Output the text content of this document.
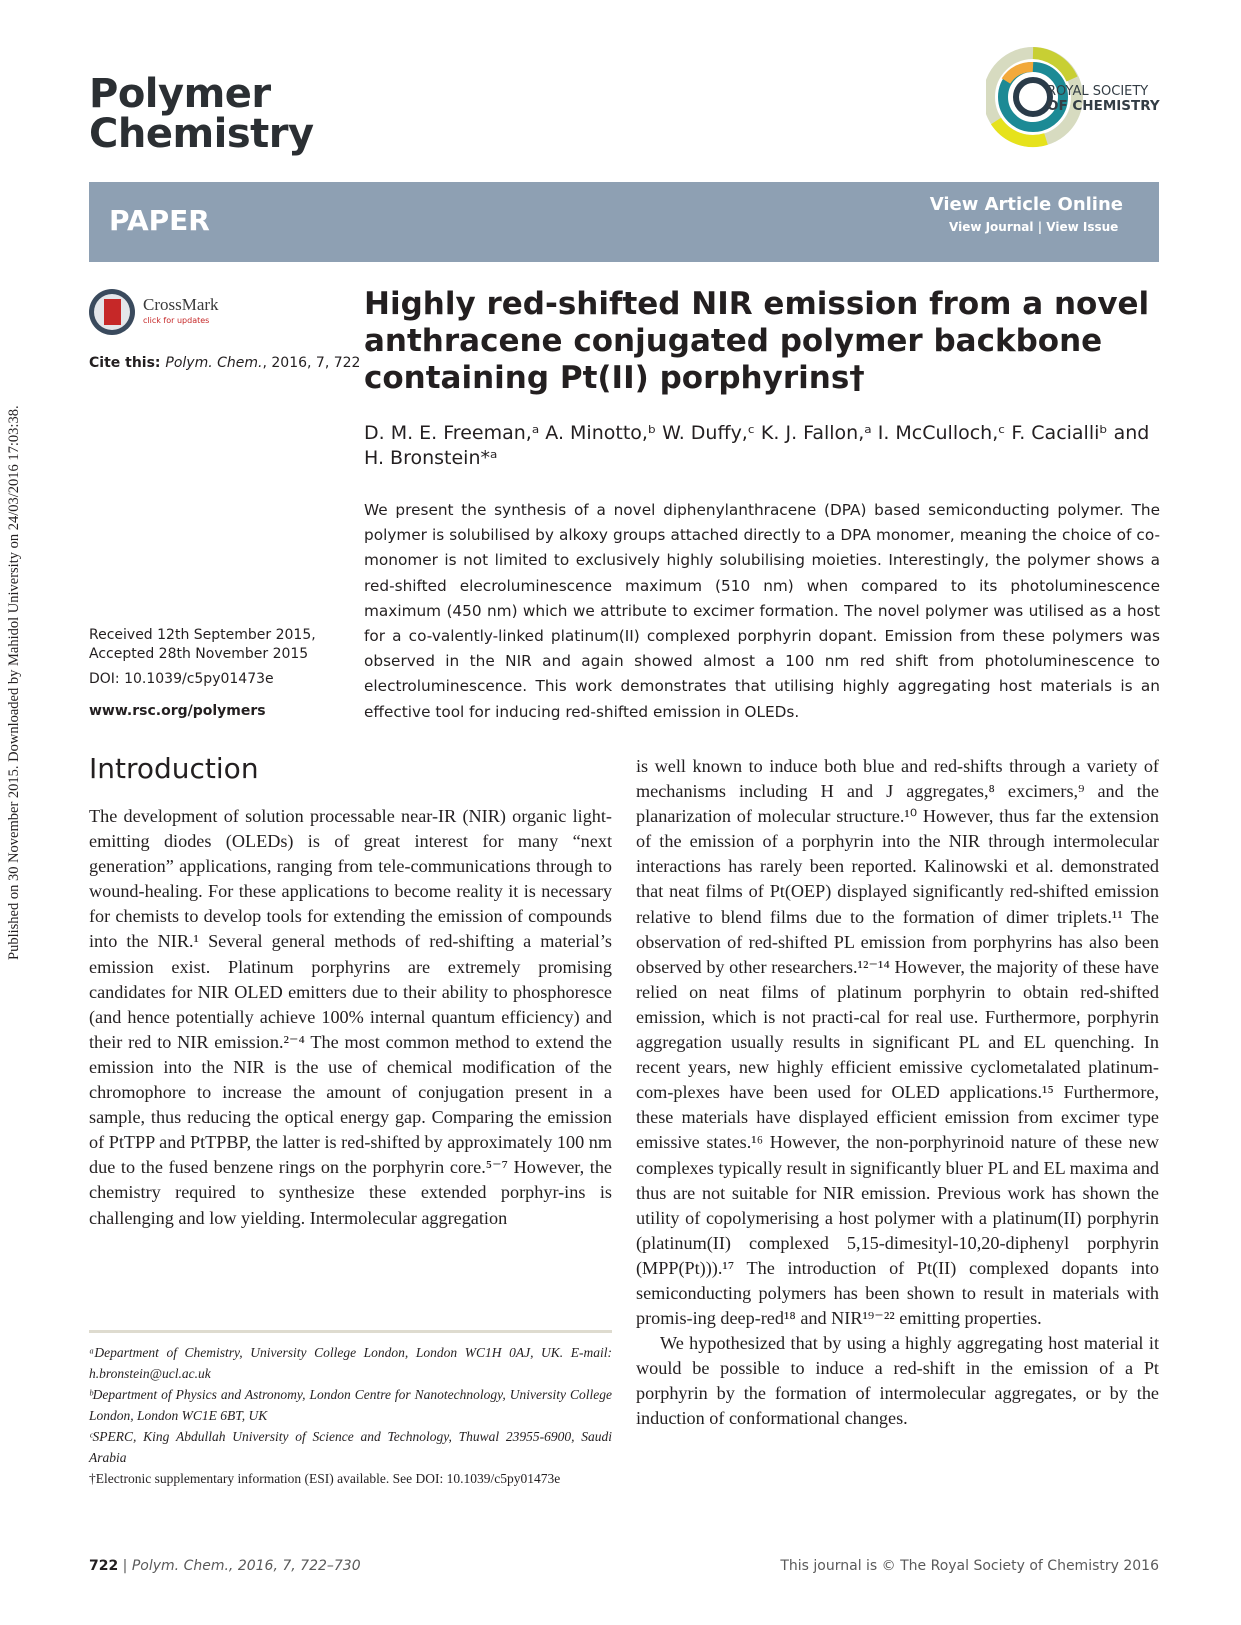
Published on 30 November 2015. Downloaded by Mahidol University on 24/03/2016 17:03:38.
Polymer
Chemistry
ROYAL SOCIETY
OF CHEMISTRY
PAPER	View Article Online
View Journal | View Issue
CrossMark
click for updates
Cite this: Polym. Chem., 2016, 7, 722
Highly red-shifted NIR emission from a novel anthracene conjugated polymer backbone containing Pt(II) porphyrins†
D. M. E. Freeman,ᵃ A. Minotto,ᵇ W. Duffy,ᶜ K. J. Fallon,ᵃ I. McCulloch,ᶜ F. Cacialliᵇ and H. Bronstein*ᵃ
We present the synthesis of a novel diphenylanthracene (DPA) based semiconducting polymer. The polymer is solubilised by alkoxy groups attached directly to a DPA monomer, meaning the choice of co-monomer is not limited to exclusively highly solubilising moieties. Interestingly, the polymer shows a red-shifted elecroluminescence maximum (510 nm) when compared to its photoluminescence maximum (450 nm) which we attribute to excimer formation. The novel polymer was utilised as a host for a co-valently-linked platinum(II) complexed porphyrin dopant. Emission from these polymers was observed in the NIR and again showed almost a 100 nm red shift from photoluminescence to electroluminescence. This work demonstrates that utilising highly aggregating host materials is an effective tool for inducing red-shifted emission in OLEDs.
Received 12th September 2015,
Accepted 28th November 2015
DOI: 10.1039/c5py01473e
www.rsc.org/polymers
Introduction

The development of solution processable near-IR (NIR) organic light-emitting diodes (OLEDs) is of great interest for many “next generation” applications, ranging from tele-communications through to wound-healing. For these applications to become reality it is necessary for chemists to develop tools for extending the emission of compounds into the NIR.¹ Several general methods of red-shifting a material’s emission exist. Platinum porphyrins are extremely promising candidates for NIR OLED emitters due to their ability to phosphoresce (and hence potentially achieve 100% internal quantum efficiency) and their red to NIR emission.²⁻⁴ The most common method to extend the emission into the NIR is the use of chemical modification of the chromophore to increase the amount of conjugation present in a sample, thus reducing the optical energy gap. Comparing the emission of PtTPP and PtTPBP, the latter is red-shifted by approximately 100 nm due to the fused benzene rings on the porphyrin core.⁵⁻⁷ However, the chemistry required to synthesize these extended porphyr-ins is challenging and low yielding. Intermolecular aggregation

is well known to induce both blue and red-shifts through a variety of mechanisms including H and J aggregates,⁸ excimers,⁹ and the planarization of molecular structure.¹⁰ However, thus far the extension of the emission of a porphyrin into the NIR through intermolecular interactions has rarely been reported. Kalinowski et al. demonstrated that neat films of Pt(OEP) displayed significantly red-shifted emission relative to blend films due to the formation of dimer triplets.¹¹ The observation of red-shifted PL emission from porphyrins has also been observed by other researchers.¹²⁻¹⁴ However, the majority of these have relied on neat films of platinum porphyrin to obtain red-shifted emission, which is not practi-cal for real use. Furthermore, porphyrin aggregation usually results in significant PL and EL quenching. In recent years, new highly efficient emissive cyclometalated platinum-com-plexes have been used for OLED applications.¹⁵ Furthermore, these materials have displayed efficient emission from excimer type emissive states.¹⁶ However, the non-porphyrinoid nature of these new complexes typically result in significantly bluer PL and EL maxima and thus are not suitable for NIR emission. Previous work has shown the utility of copolymerising a host polymer with a platinum(II) porphyrin (platinum(II) complexed 5,15-dimesityl-10,20-diphenyl porphyrin (MPP(Pt))).¹⁷ The introduction of Pt(II) complexed dopants into semiconducting polymers has been shown to result in materials with promis-ing deep-red¹⁸ and NIR¹⁹⁻²² emitting properties.

We hypothesized that by using a highly aggregating host material it would be possible to induce a red-shift in the emission of a Pt porphyrin by the formation of intermolecular aggregates, or by the induction of conformational changes.

ᵃDepartment of Chemistry, University College London, London WC1H 0AJ, UK. E-mail: h.bronstein@ucl.ac.uk
ᵇDepartment of Physics and Astronomy, London Centre for Nanotechnology, University College London, London WC1E 6BT, UK
ᶜSPERC, King Abdullah University of Science and Technology, Thuwal 23955-6900, Saudi Arabia
†Electronic supplementary information (ESI) available. See DOI: 10.1039/c5py01473e
722 | Polym. Chem., 2016, 7, 722–730	This journal is © The Royal Society of Chemistry 2016
